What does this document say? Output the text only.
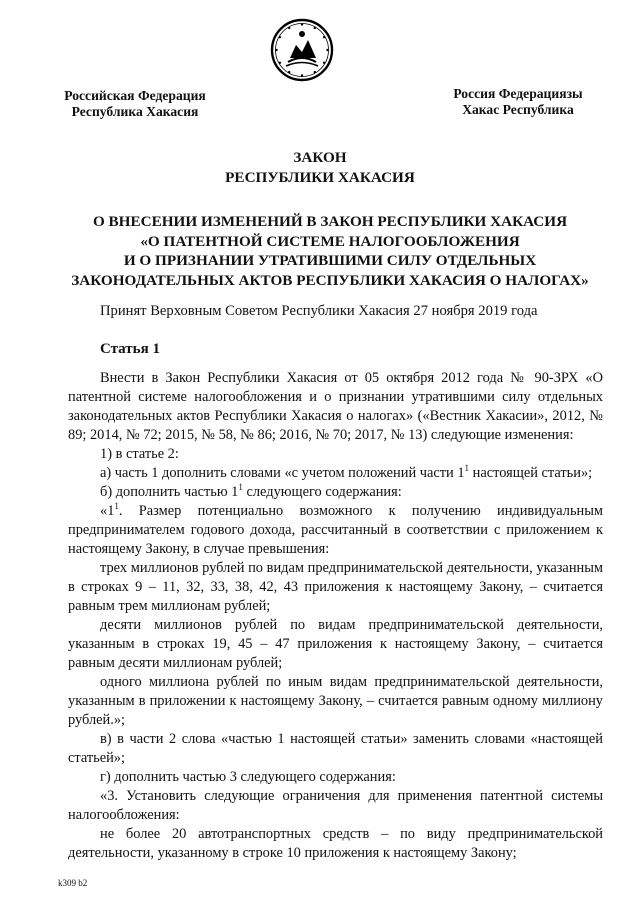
Российская Федерация
Республика Хакасия
Россия Федерациязы
Хакас Республика
ЗАКОН
РЕСПУБЛИКИ ХАКАСИЯ
О ВНЕСЕНИИ ИЗМЕНЕНИЙ В ЗАКОН РЕСПУБЛИКИ ХАКАСИЯ
«О ПАТЕНТНОЙ СИСТЕМЕ НАЛОГООБЛОЖЕНИЯ
И О ПРИЗНАНИИ УТРАТИВШИМИ СИЛУ ОТДЕЛЬНЫХ
ЗАКОНОДАТЕЛЬНЫХ АКТОВ РЕСПУБЛИКИ ХАКАСИЯ О НАЛОГАХ»
Принят Верховным Советом Республики Хакасия 27 ноября 2019 года
Статья 1

Внести в Закон Республики Хакасия от 05 октября 2012 года № 90-ЗРХ «О патентной системе налогообложения и о признании утратившими силу отдельных законодательных актов Республики Хакасия о налогах» («Вестник Хакасии», 2012, № 89; 2014, № 72; 2015, № 58, № 86; 2016, № 70; 2017, № 13) следующие изменения:

1) в статье 2:

а) часть 1 дополнить словами «с учетом положений части $1^1$ настоящей статьи»;

б) дополнить частью $1^1$ следующего содержания:

«$1^1$. Размер потенциально возможного к получению индивидуальным предпринимателем годового дохода, рассчитанный в соответствии с приложением к настоящему Закону, в случае превышения:

трех миллионов рублей по видам предпринимательской деятельности, указанным в строках 9 – 11, 32, 33, 38, 42, 43 приложения к настоящему Закону, – считается равным трем миллионам рублей;

десяти миллионов рублей по видам предпринимательской деятельности, указанным в строках 19, 45 – 47 приложения к настоящему Закону, – считается равным десяти миллионам рублей;

одного миллиона рублей по иным видам предпринимательской деятельности, указанным в приложении к настоящему Закону, – считается равным одному миллиону рублей.»;

в) в части 2 слова «частью 1 настоящей статьи» заменить словами «настоящей статьей»;

г) дополнить частью 3 следующего содержания:

«3. Установить следующие ограничения для применения патентной системы налогообложения:

не более 20 автотранспортных средств – по виду предпринимательской деятельности, указанному в строке 10 приложения к настоящему Закону;

k309 b2
